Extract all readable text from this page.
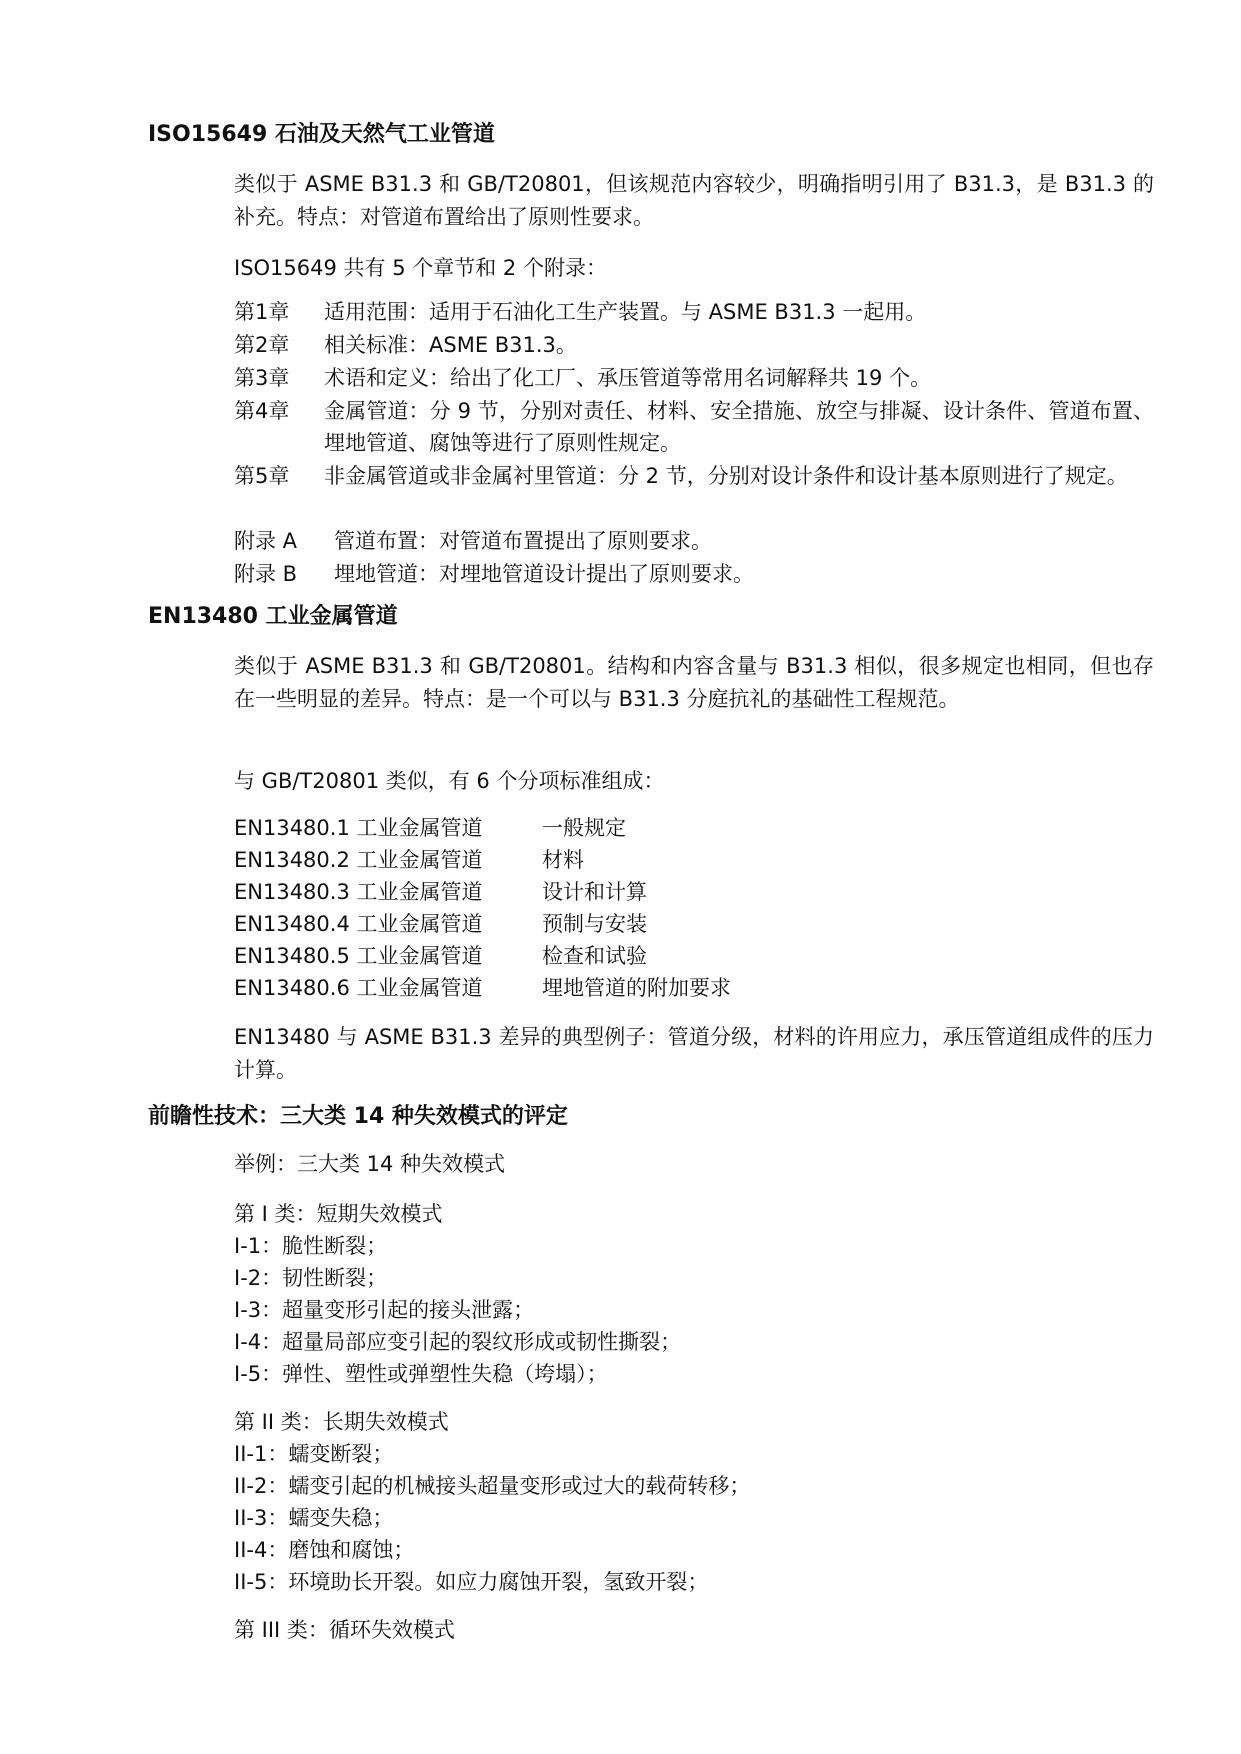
ISO15649 石油及天然气工业管道
类似于 ASME B31.3 和 GB/T20801，但该规范内容较少，明确指明引用了 B31.3，是 B31.3 的补充。特点：对管道布置给出了原则性要求。
ISO15649 共有 5 个章节和 2 个附录：
第1章 适用范围：适用于石油化工生产装置。与 ASME B31.3 一起用。
第2章 相关标准：ASME B31.3。
第3章 术语和定义：给出了化工厂、承压管道等常用名词解释共 19 个。
第4章 金属管道：分 9 节，分别对责任、材料、安全措施、放空与排凝、设计条件、管道布置、埋地管道、腐蚀等进行了原则性规定。
第5章 非金属管道或非金属衬里管道：分 2 节，分别对设计条件和设计基本原则进行了规定。
附录 A 管道布置：对管道布置提出了原则要求。
附录 B 埋地管道：对埋地管道设计提出了原则要求。
EN13480 工业金属管道
类似于 ASME B31.3 和 GB/T20801。结构和内容含量与 B31.3 相似，很多规定也相同，但也存在一些明显的差异。特点：是一个可以与 B31.3 分庭抗礼的基础性工程规范。
与 GB/T20801 类似，有 6 个分项标准组成：
EN13480.1 工业金属管道	一般规定
EN13480.2 工业金属管道	材料
EN13480.3 工业金属管道	设计和计算
EN13480.4 工业金属管道	预制与安装
EN13480.5 工业金属管道	检查和试验
EN13480.6 工业金属管道	埋地管道的附加要求
EN13480 与 ASME B31.3 差异的典型例子：管道分级，材料的许用应力，承压管道组成件的压力计算。
前瞻性技术：三大类 14 种失效模式的评定
举例：三大类 14 种失效模式
第 I 类：短期失效模式
I-1：脆性断裂；
I-2：韧性断裂；
I-3：超量变形引起的接头泄露；
I-4：超量局部应变引起的裂纹形成或韧性撕裂；
I-5：弹性、塑性或弹塑性失稳（垮塌）；
第 II 类：长期失效模式
II-1：蠕变断裂；
II-2：蠕变引起的机械接头超量变形或过大的载荷转移；
II-3：蠕变失稳；
II-4：磨蚀和腐蚀；
II-5：环境助长开裂。如应力腐蚀开裂，氢致开裂；
第 III 类：循环失效模式
